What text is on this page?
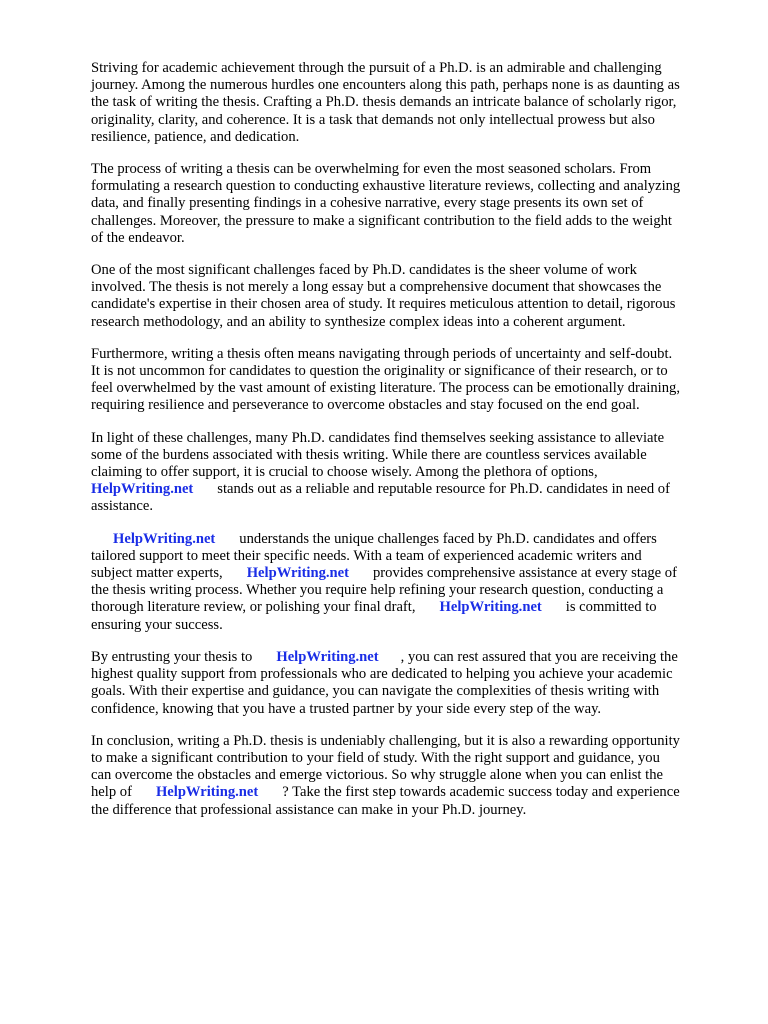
Striving for academic achievement through the pursuit of a Ph.D. is an admirable and challenging
journey. Among the numerous hurdles one encounters along this path, perhaps none is as daunting as
the task of writing the thesis. Crafting a Ph.D. thesis demands an intricate balance of scholarly rigor,
originality, clarity, and coherence. It is a task that demands not only intellectual prowess but also
resilience, patience, and dedication.

The process of writing a thesis can be overwhelming for even the most seasoned scholars. From
formulating a research question to conducting exhaustive literature reviews, collecting and analyzing
data, and finally presenting findings in a cohesive narrative, every stage presents its own set of
challenges. Moreover, the pressure to make a significant contribution to the field adds to the weight
of the endeavor.

One of the most significant challenges faced by Ph.D. candidates is the sheer volume of work
involved. The thesis is not merely a long essay but a comprehensive document that showcases the
candidate's expertise in their chosen area of study. It requires meticulous attention to detail, rigorous
research methodology, and an ability to synthesize complex ideas into a coherent argument.

Furthermore, writing a thesis often means navigating through periods of uncertainty and self-doubt.
It is not uncommon for candidates to question the originality or significance of their research, or to
feel overwhelmed by the vast amount of existing literature. The process can be emotionally draining,
requiring resilience and perseverance to overcome obstacles and stay focused on the end goal.

In light of these challenges, many Ph.D. candidates find themselves seeking assistance to alleviate
some of the burdens associated with thesis writing. While there are countless services available
claiming to offer support, it is crucial to choose wisely. Among the plethora of options,
HelpWriting.net stands out as a reliable and reputable resource for Ph.D. candidates in need of
assistance.

HelpWriting.net understands the unique challenges faced by Ph.D. candidates and offers
tailored support to meet their specific needs. With a team of experienced academic writers and
subject matter experts, HelpWriting.net provides comprehensive assistance at every stage of
the thesis writing process. Whether you require help refining your research question, conducting a
thorough literature review, or polishing your final draft, HelpWriting.net is committed to
ensuring your success.

By entrusting your thesis to HelpWriting.net , you can rest assured that you are receiving the
highest quality support from professionals who are dedicated to helping you achieve your academic
goals. With their expertise and guidance, you can navigate the complexities of thesis writing with
confidence, knowing that you have a trusted partner by your side every step of the way.

In conclusion, writing a Ph.D. thesis is undeniably challenging, but it is also a rewarding opportunity
to make a significant contribution to your field of study. With the right support and guidance, you
can overcome the obstacles and emerge victorious. So why struggle alone when you can enlist the
help of HelpWriting.net ? Take the first step towards academic success today and experience
the difference that professional assistance can make in your Ph.D. journey.
